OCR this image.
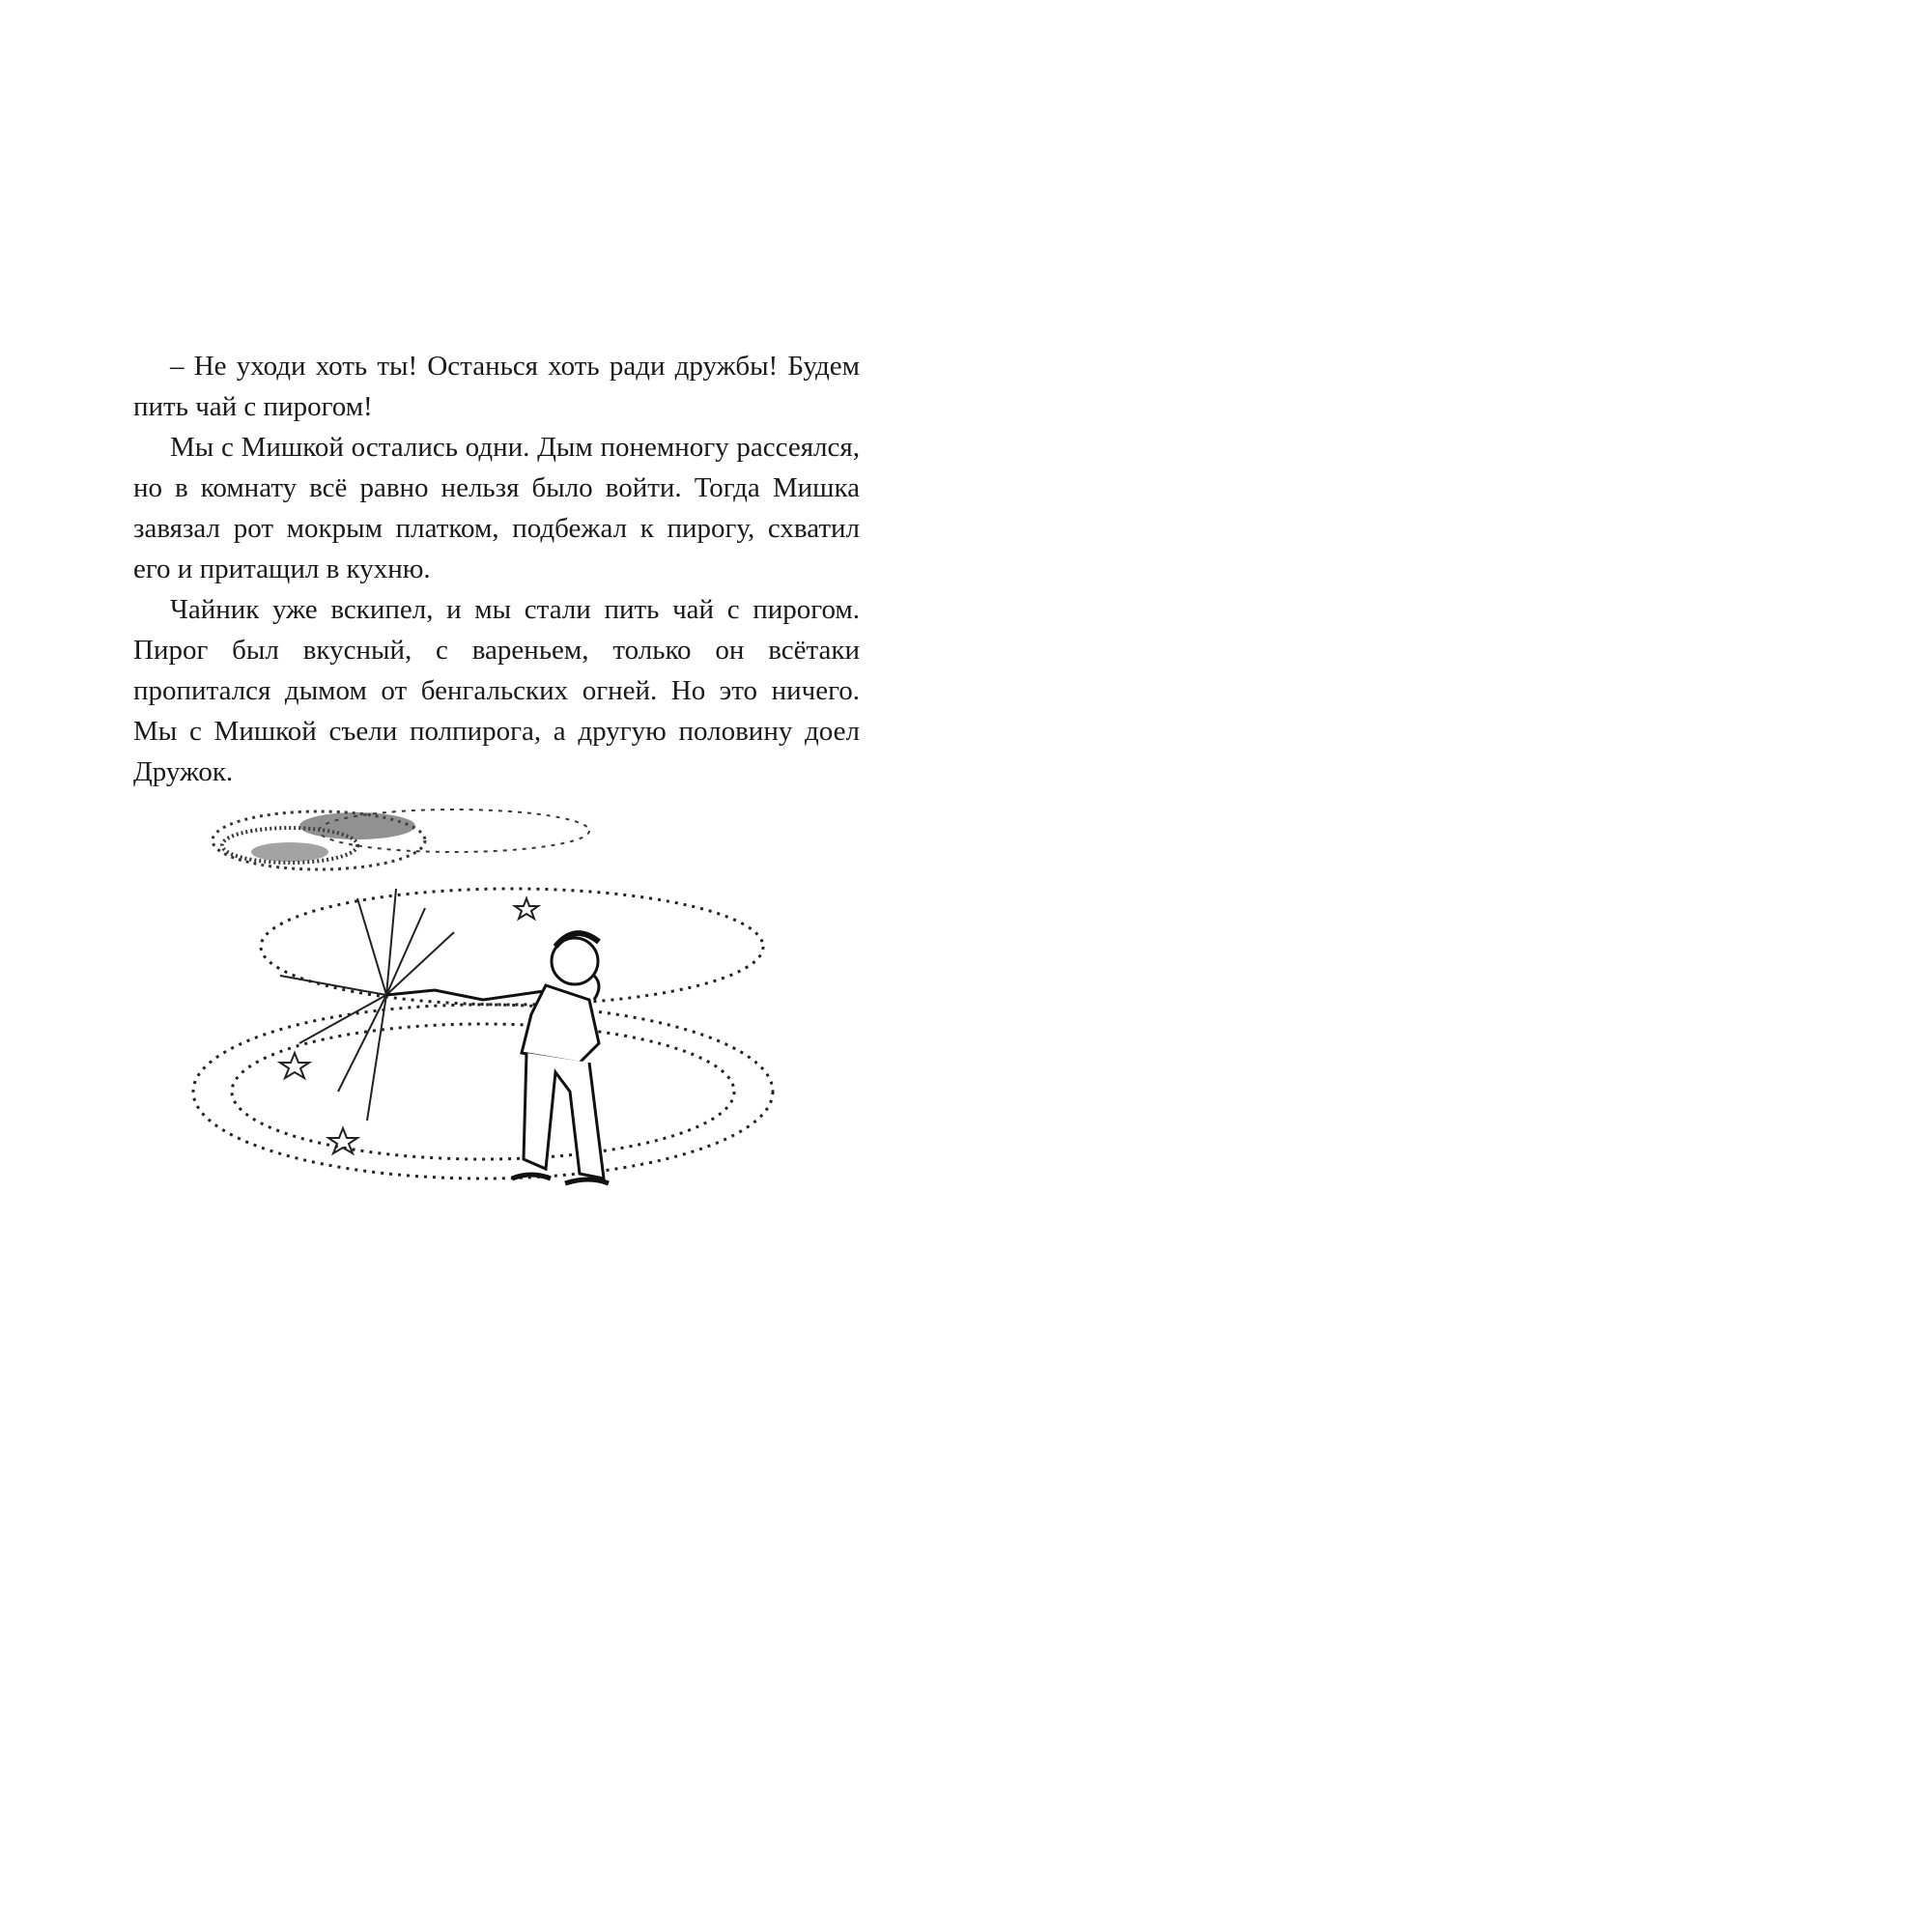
– Не уходи хоть ты! Останься хоть ради дружбы! Будем пить чай с пирогом!

Мы с Мишкой остались одни. Дым понемногу рассеялся, но в комнату всё равно нельзя было войти. Тогда Мишка завязал рот мокрым платком, подбежал к пирогу, схватил его и притащил в кухню.

Чайник уже вскипел, и мы стали пить чай с пирогом. Пирог был вкусный, с вареньем, только он всётаки пропитался дымом от бенгальских огней. Но это ничего. Мы с Мишкой съели полпирога, а другую половину доел Дружок.
